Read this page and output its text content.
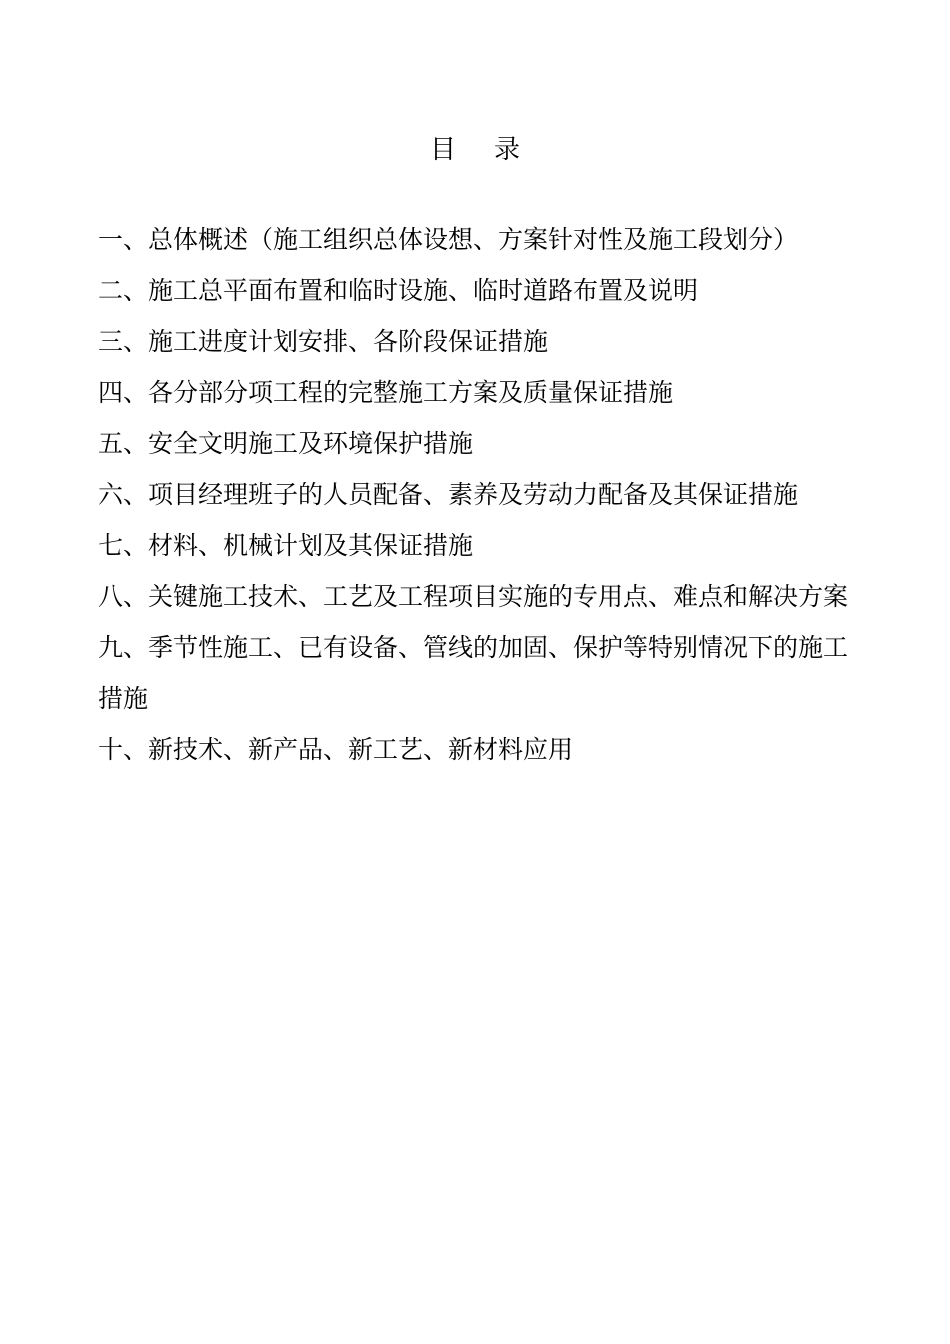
目录
一、总体概述（施工组织总体设想、方案针对性及施工段划分）
二、施工总平面布置和临时设施、临时道路布置及说明
三、施工进度计划安排、各阶段保证措施
四、各分部分项工程的完整施工方案及质量保证措施
五、安全文明施工及环境保护措施
六、项目经理班子的人员配备、素养及劳动力配备及其保证措施
七、材料、机械计划及其保证措施
八、关键施工技术、工艺及工程项目实施的专用点、难点和解决方案
九、季节性施工、已有设备、管线的加固、保护等特别情况下的施工措施
十、新技术、新产品、新工艺、新材料应用
